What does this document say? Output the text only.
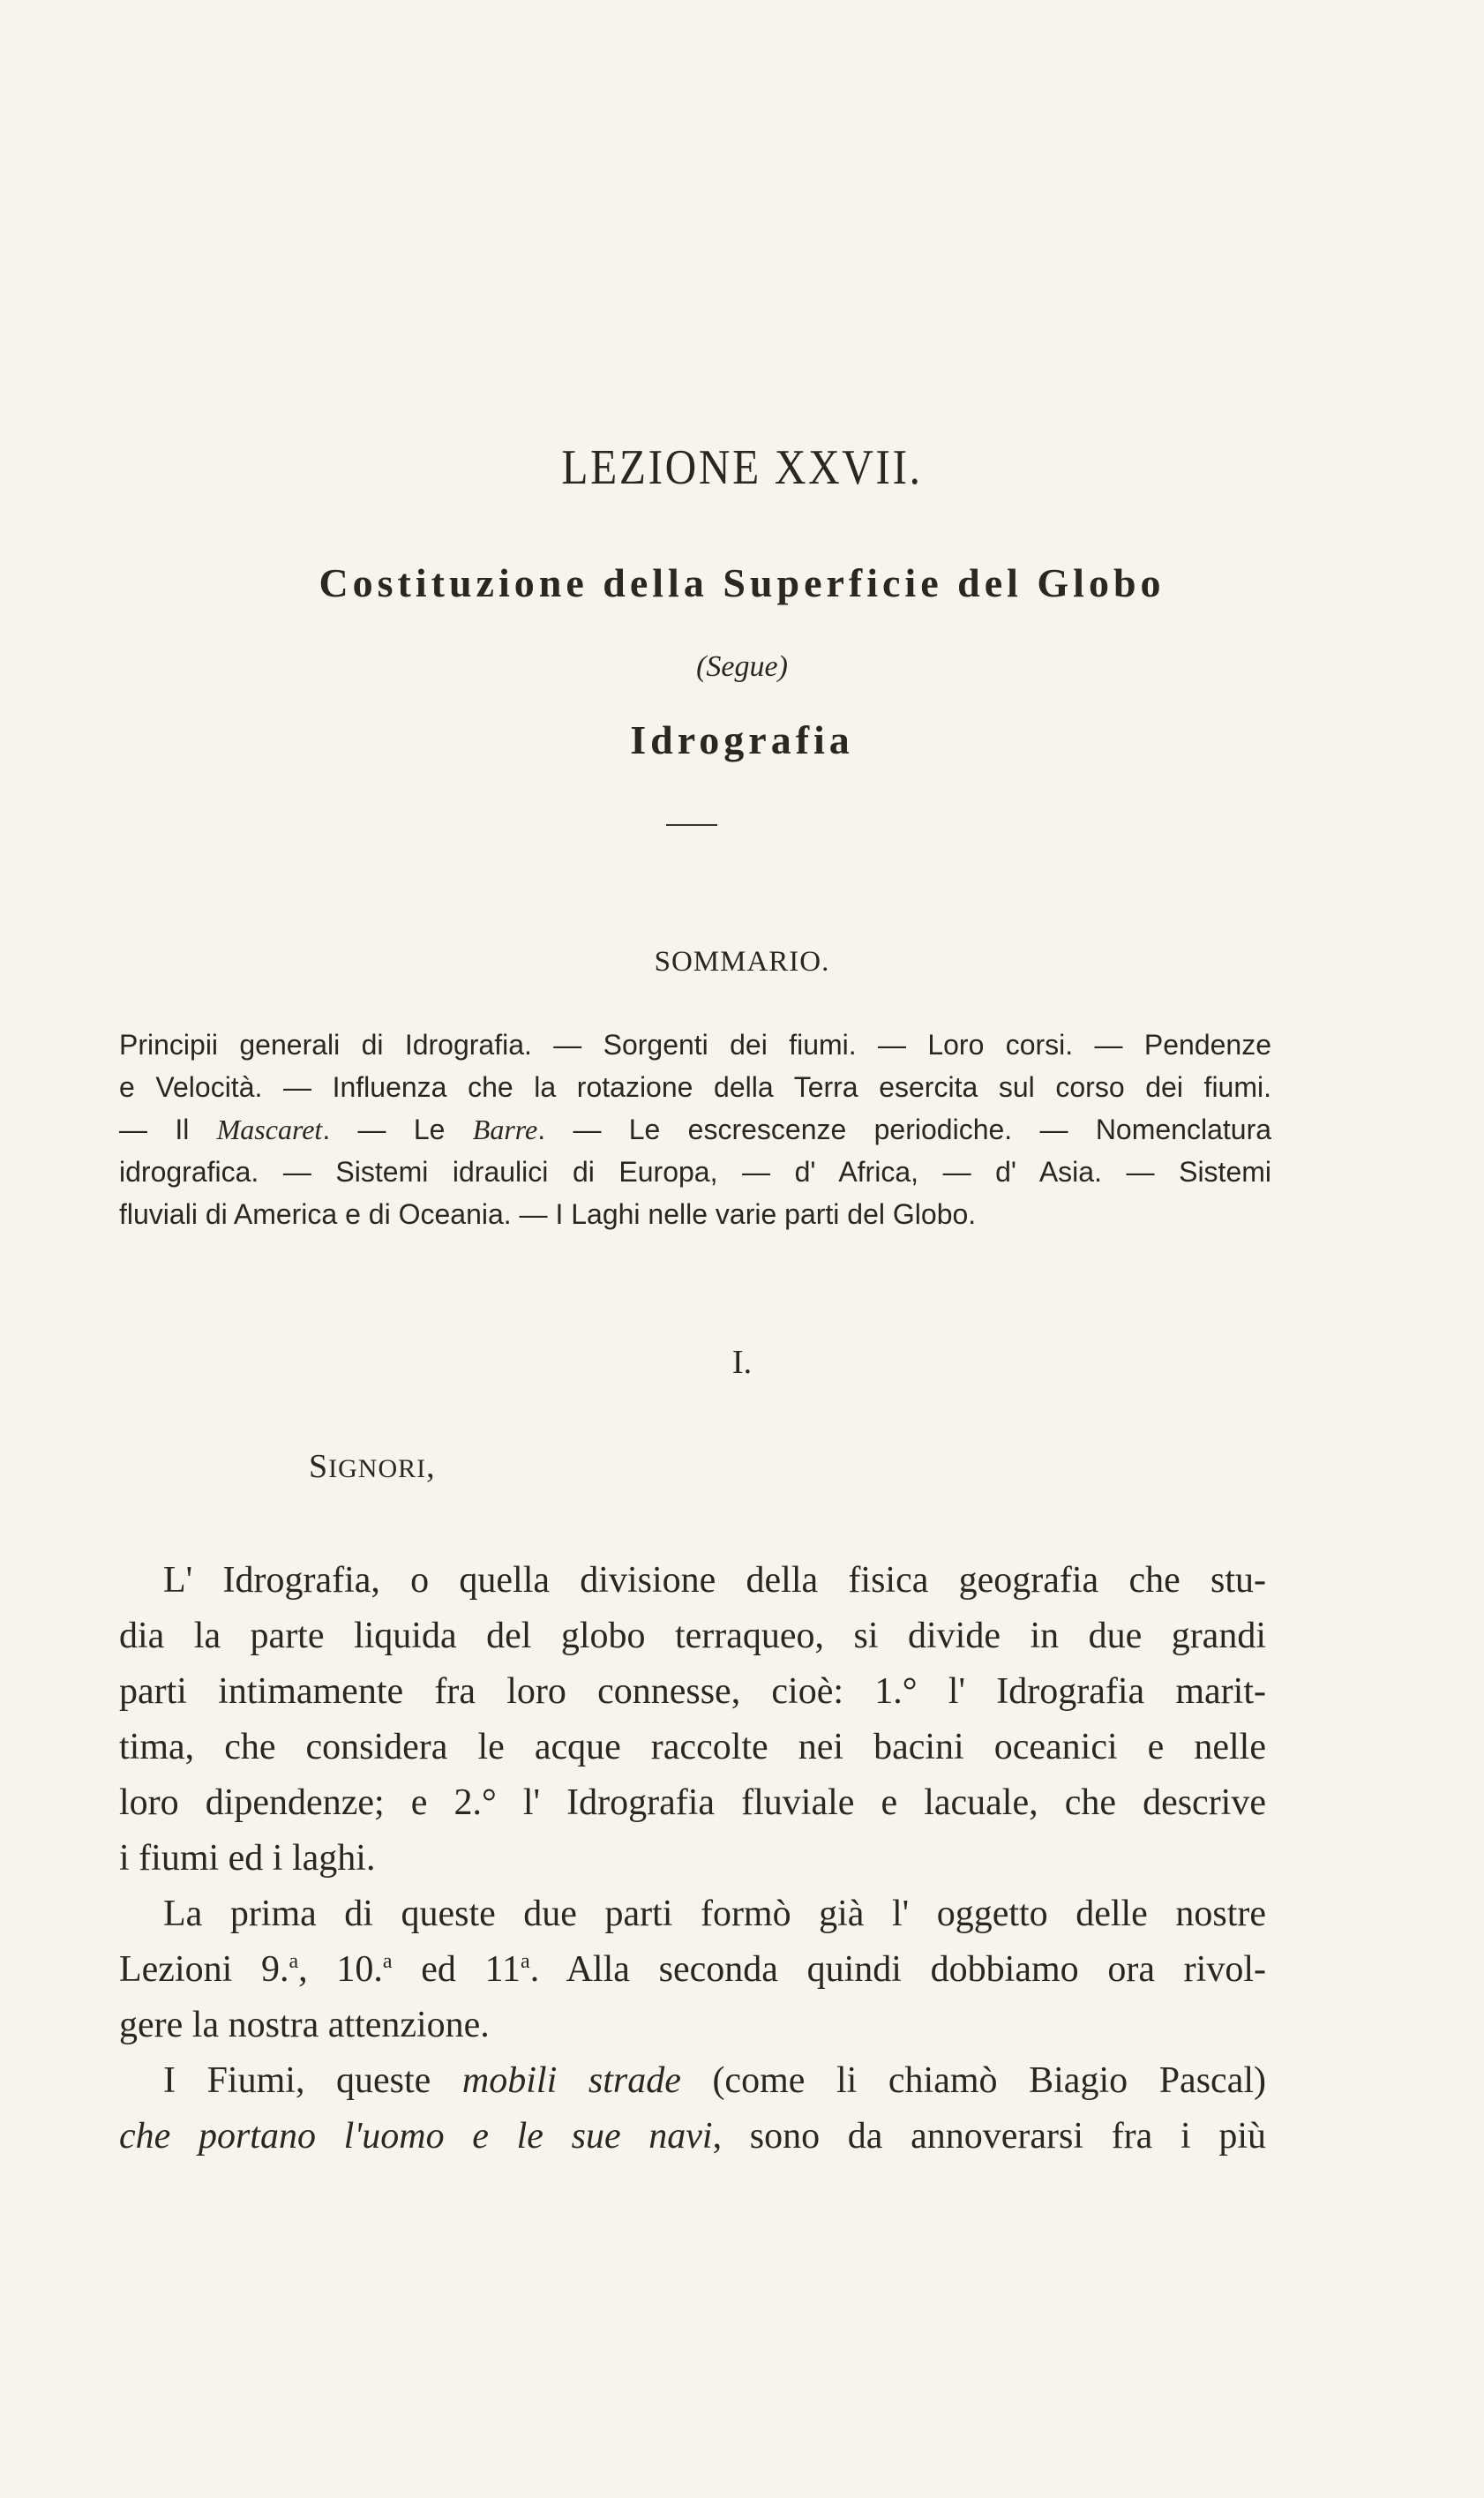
LEZIONE XXVII.
Costituzione della Superficie del Globo
(Segue)
Idrografia
SOMMARIO.
Principii generali di Idrografia. — Sorgenti dei fiumi. — Loro corsi. — Pendenze
e Velocità. — Influenza che la rotazione della Terra esercita sul corso dei fiumi.
— Il Mascaret. — Le Barre. — Le escrescenze periodiche. — Nomenclatura
idrografica. — Sistemi idraulici di Europa, — d' Africa, — d' Asia. — Sistemi
fluviali di America e di Oceania. — I Laghi nelle varie parti del Globo.
I.
SIGNORI,
L' Idrografia, o quella divisione della fisica geografia che stu-
dia la parte liquida del globo terraqueo, si divide in due grandi
parti intimamente fra loro connesse, cioè: 1.° l' Idrografia marit-
tima, che considera le acque raccolte nei bacini oceanici e nelle
loro dipendenze; e 2.° l' Idrografia fluviale e lacuale, che descrive
i fiumi ed i laghi.
La prima di queste due parti formò già l' oggetto delle nostre
Lezioni 9.$^a$, 10.$^a$ ed 11$^a$. Alla seconda quindi dobbiamo ora rivol-
gere la nostra attenzione.
I Fiumi, queste mobili strade (come li chiamò Biagio Pascal)
che portano l'uomo e le sue navi, sono da annoverarsi fra i più
